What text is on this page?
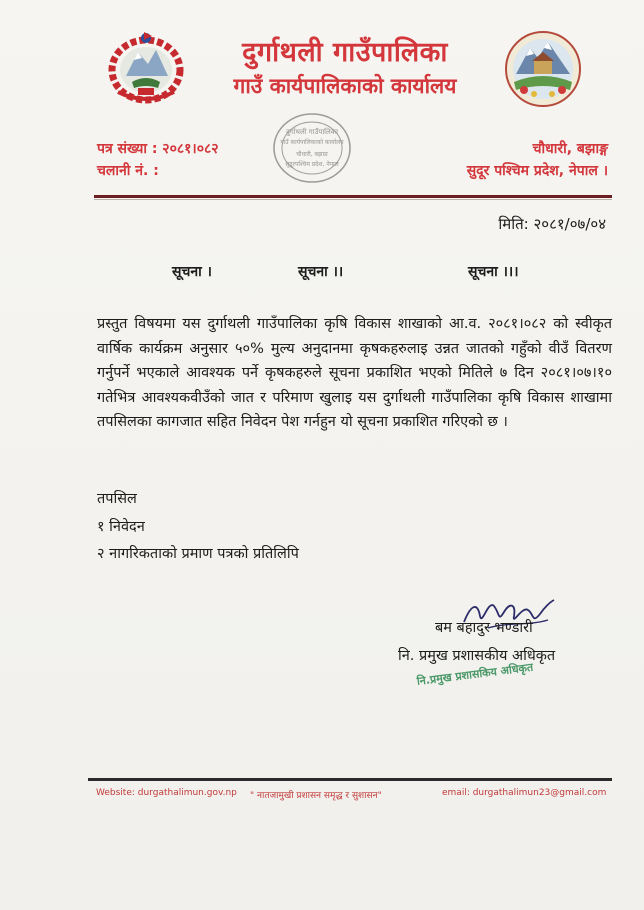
दुर्गाथली गाउँपालिका
गाउँ कार्यपालिकाको कार्यालय
पत्र संख्या : २०८१।०८२
चलानी नं. :
चौधारी, बझाङ्ग
सुदूर पश्चिम प्रदेश, नेपाल ।
दुर्गाथली गाउँपालिका
गाउँ कार्यपालिकाको कार्यालय
चौधारी, बझाङ
सुदूरपश्चिम प्रदेश, नेपाल
मिति: २०८१/०७/०४
सूचना ।	सूचना ।।	सूचना ।।।
प्रस्तुत विषयमा यस दुर्गाथली गाउँपालिका कृषि विकास शाखाको आ.व. २०८१।०८२ को स्वीकृत वार्षिक कार्यक्रम अनुसार ५०% मुल्य अनुदानमा कृषकहरुलाइ उन्नत जातको गहुँको वीउँ वितरण गर्नुपर्ने भएकाले आवश्यक पर्ने कृषकहरुले सूचना प्रकाशित भएको मितिले ७ दिन २०८१।०७।१० गतेभित्र आवश्यकवीउँको जात र परिमाण खुलाइ यस दुर्गाथली गाउँपालिका कृषि विकास शाखामा तपसिलका कागजात सहित निवेदन पेश गर्नहुन यो सूचना प्रकाशित गरिएको छ ।
तपसिल
१ निवेदन
२ नागरिकताको प्रमाण पत्रको प्रतिलिपि
बम बहादुर भण्डारी
नि. प्रमुख प्रशासकीय अधिकृत
नि.प्रमुख प्रशासकिय अधिकृत
Website: durgathalimun.gov.np " नातजामुखी प्रशासन समृद्ध र सुशासन"	email: durgathalimun23@gmail.com
